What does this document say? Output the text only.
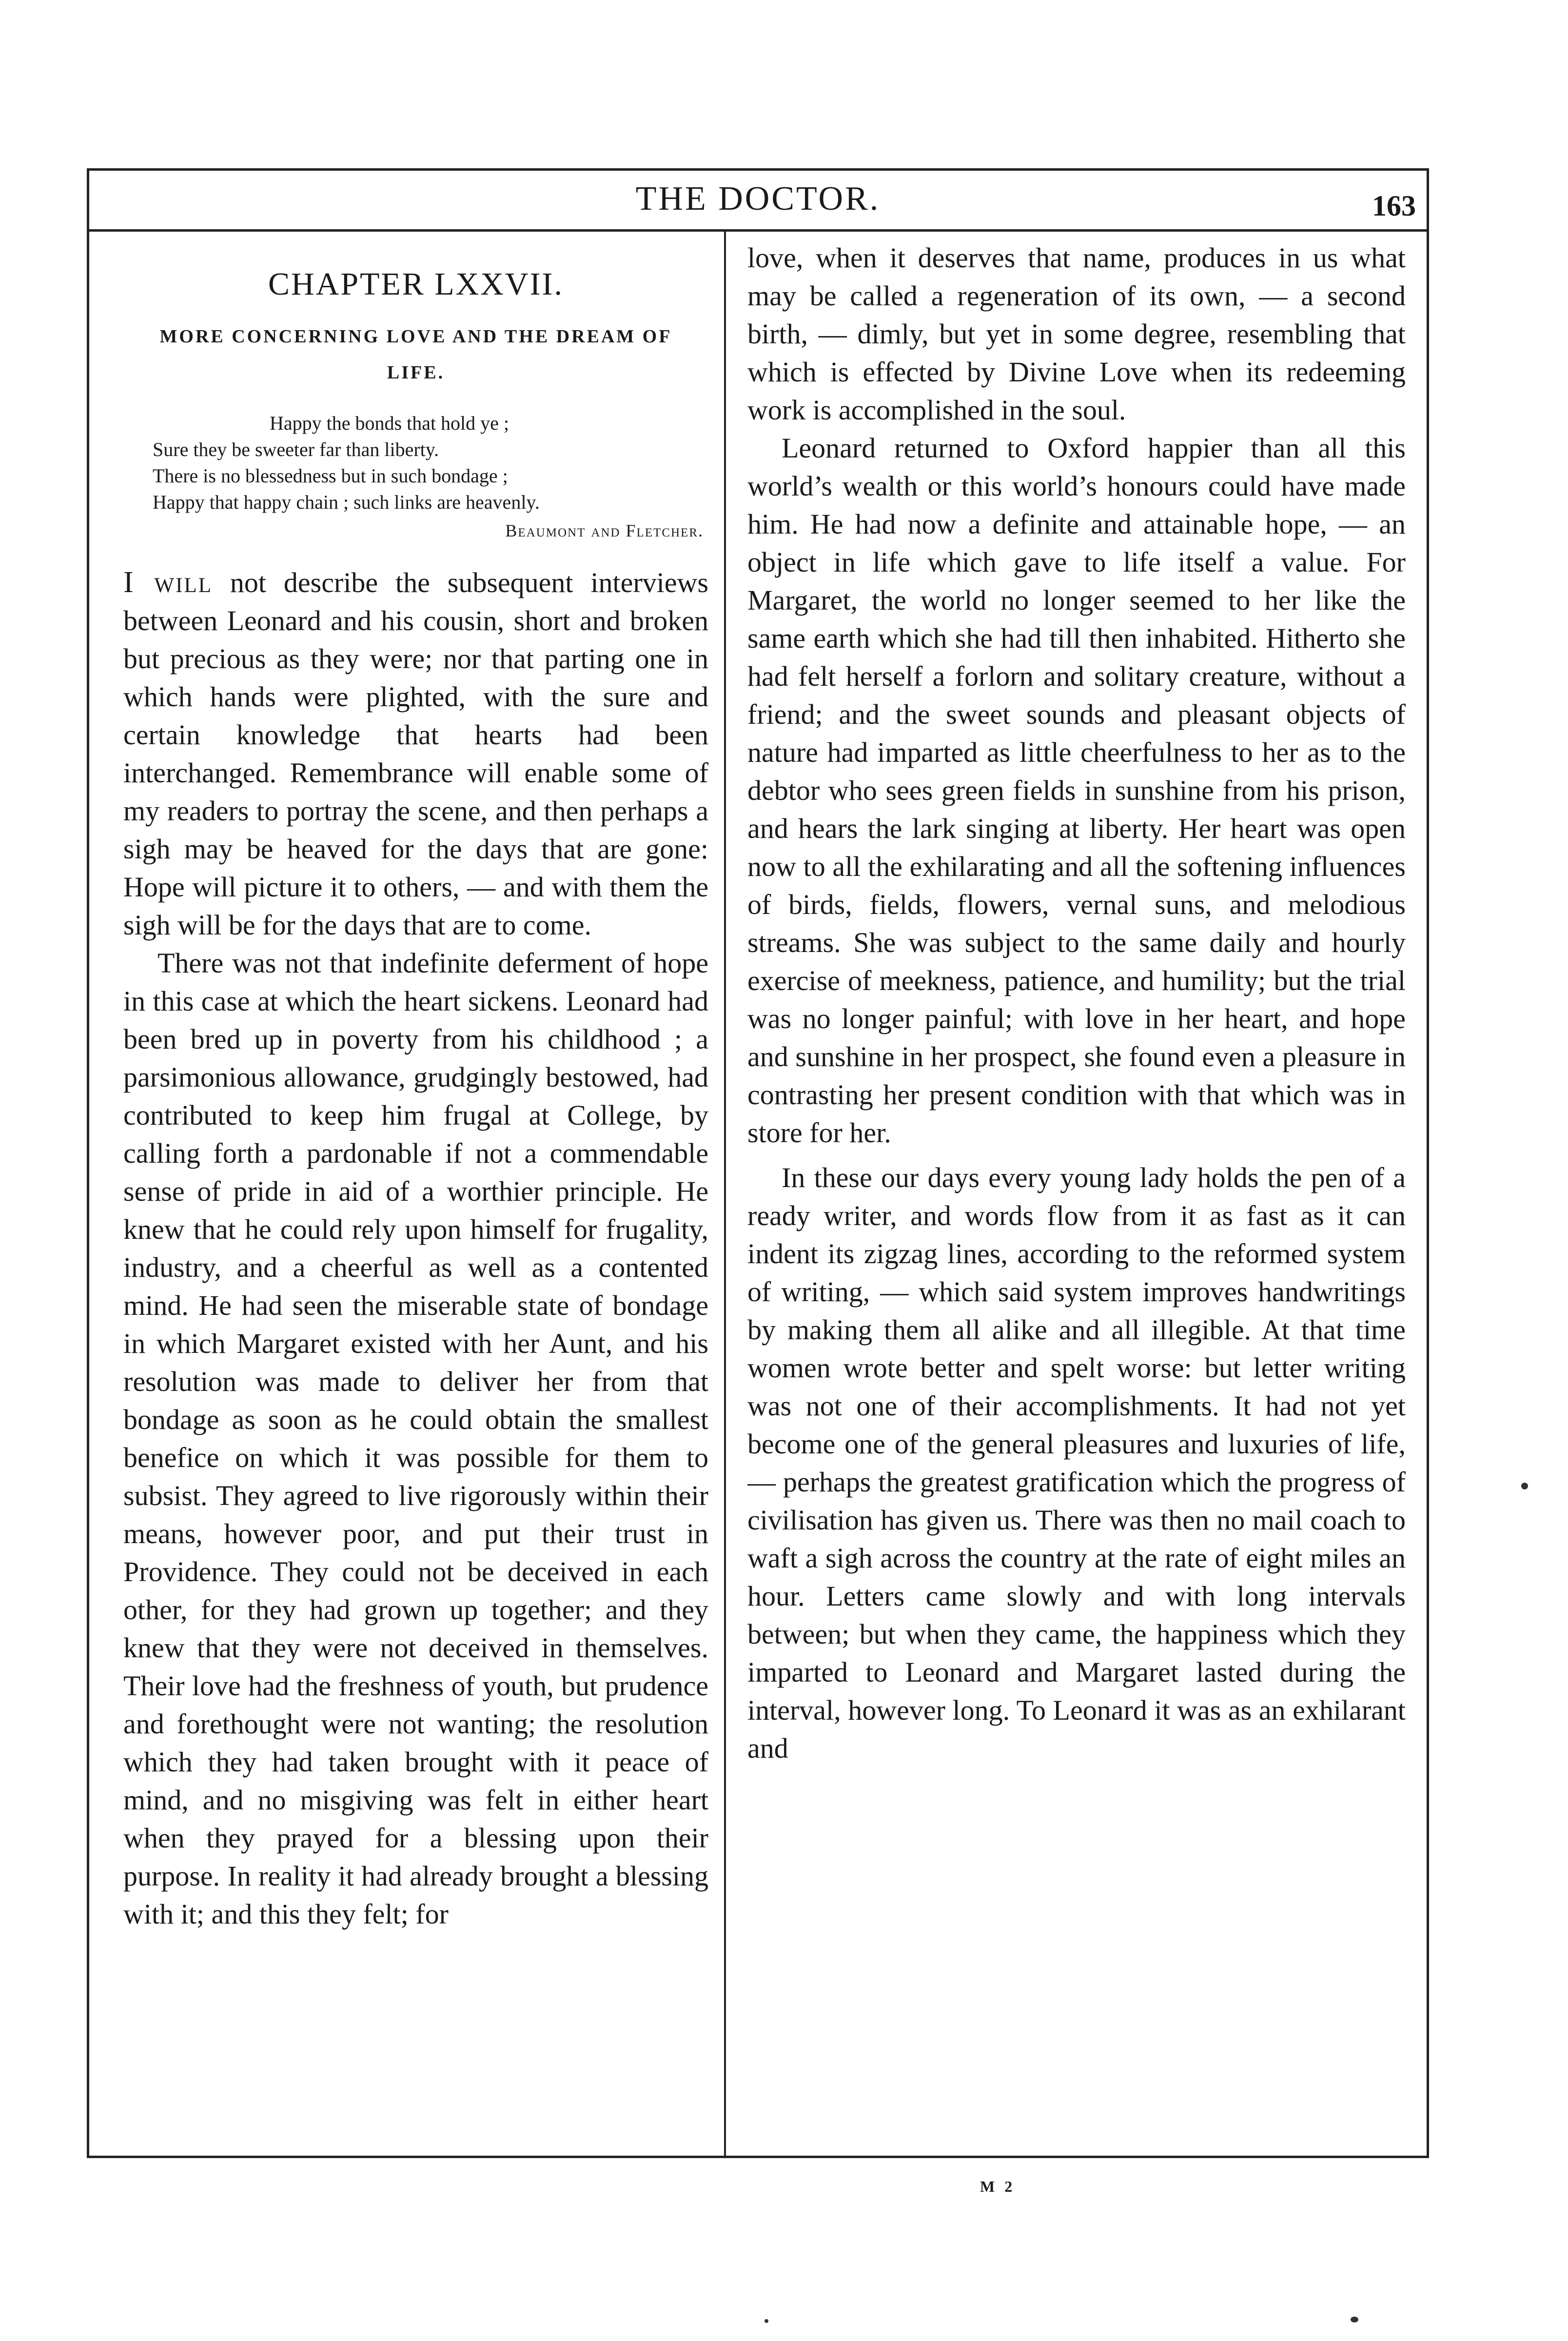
THE DOCTOR.	163
CHAPTER LXXVII.
MORE CONCERNING LOVE AND THE DREAM OF LIFE.
Happy the bonds that hold ye ;
Sure they be sweeter far than liberty.
There is no blessedness but in such bondage ;
Happy that happy chain ; such links are heavenly.
Beaumont and Fletcher.

I will not describe the subsequent interviews between Leonard and his cousin, short and broken but precious as they were; nor that parting one in which hands were plighted, with the sure and certain knowledge that hearts had been interchanged. Remembrance will enable some of my readers to portray the scene, and then perhaps a sigh may be heaved for the days that are gone: Hope will picture it to others, — and with them the sigh will be for the days that are to come.

There was not that indefinite deferment of hope in this case at which the heart sickens. Leonard had been bred up in poverty from his childhood ; a parsimonious allowance, grudgingly bestowed, had contributed to keep him frugal at College, by calling forth a pardonable if not a commendable sense of pride in aid of a worthier principle. He knew that he could rely upon himself for frugality, industry, and a cheerful as well as a contented mind. He had seen the miserable state of bondage in which Margaret existed with her Aunt, and his resolution was made to deliver her from that bondage as soon as he could obtain the smallest benefice on which it was possible for them to subsist. They agreed to live rigorously within their means, however poor, and put their trust in Providence. They could not be deceived in each other, for they had grown up together; and they knew that they were not deceived in themselves. Their love had the freshness of youth, but prudence and forethought were not wanting; the resolution which they had taken brought with it peace of mind, and no misgiving was felt in either heart when they prayed for a blessing upon their purpose. In reality it had already brought a blessing with it; and this they felt; for

love, when it deserves that name, produces in us what may be called a regeneration of its own, — a second birth, — dimly, but yet in some degree, resembling that which is effected by Divine Love when its redeeming work is accomplished in the soul.

Leonard returned to Oxford happier than all this world’s wealth or this world’s honours could have made him. He had now a definite and attainable hope, — an object in life which gave to life itself a value. For Margaret, the world no longer seemed to her like the same earth which she had till then inhabited. Hitherto she had felt herself a forlorn and solitary creature, without a friend; and the sweet sounds and pleasant objects of nature had imparted as little cheerfulness to her as to the debtor who sees green fields in sunshine from his prison, and hears the lark singing at liberty. Her heart was open now to all the exhilarating and all the softening influences of birds, fields, flowers, vernal suns, and melodious streams. She was subject to the same daily and hourly exercise of meekness, patience, and humility; but the trial was no longer painful; with love in her heart, and hope and sunshine in her prospect, she found even a pleasure in contrasting her present condition with that which was in store for her.

In these our days every young lady holds the pen of a ready writer, and words flow from it as fast as it can indent its zigzag lines, according to the reformed system of writing, — which said system improves handwritings by making them all alike and all illegible. At that time women wrote better and spelt worse: but letter writing was not one of their accomplishments. It had not yet become one of the general pleasures and luxuries of life, — perhaps the greatest gratification which the progress of civilisation has given us. There was then no mail coach to waft a sigh across the country at the rate of eight miles an hour. Letters came slowly and with long intervals between; but when they came, the happiness which they imparted to Leonard and Margaret lasted during the interval, however long. To Leonard it was as an exhilarant and

M 2
